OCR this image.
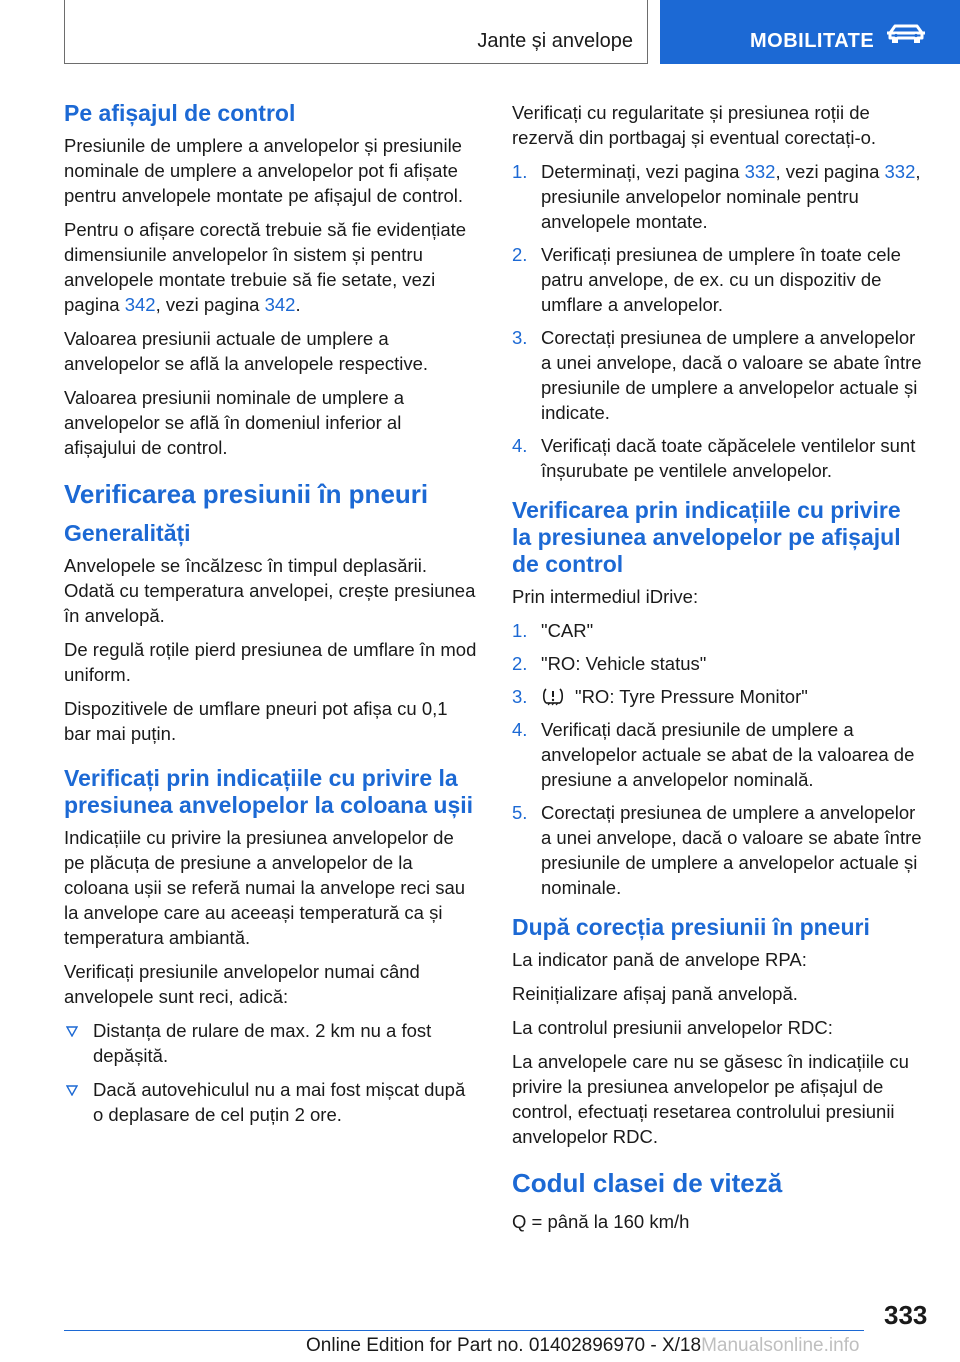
Jante și anvelope	MOBILITATE
Pe afișajul de control

Presiunile de umplere a anvelopelor și presiunile nominale de umplere a anvelopelor pot fi afișate pentru anvelopele montate pe afișajul de control.

Pentru o afișare corectă trebuie să fie evidențiate dimensiunile anvelopelor în sistem și pentru anvelopele montate trebuie să fie setate, vezi pagina 342, vezi pagina 342.

Valoarea presiunii actuale de umplere a anvelopelor se află la anvelopele respective.

Valoarea presiunii nominale de umplere a anvelopelor se află în domeniul inferior al afișajului de control.

Verificarea presiunii în pneuri
Generalități

Anvelopele se încălzesc în timpul deplasării. Odată cu temperatura anvelopei, crește presiunea în anvelopă.

De regulă roțile pierd presiunea de umflare în mod uniform.

Dispozitivele de umflare pneuri pot afișa cu 0,1 bar mai puțin.

Verificați prin indicațiile cu privire la presiunea anvelopelor la coloana ușii

Indicațiile cu privire la presiunea anvelopelor de pe plăcuța de presiune a anvelopelor de la coloana ușii se referă numai la anvelope reci sau la anvelope care au aceeași temperatură ca și temperatura ambiantă.

Verificați presiunile anvelopelor numai când anvelopele sunt reci, adică:

Distanța de rulare de max. 2 km nu a fost depășită.
Dacă autovehiculul nu a mai fost mișcat după o deplasare de cel puțin 2 ore.

Verificați cu regularitate și presiunea roții de rezervă din portbagaj și eventual corectați-o.

1. Determinați, vezi pagina 332, vezi pagina 332, presiunile anvelopelor nominale pentru anvelopele montate.
2. Verificați presiunea de umplere în toate cele patru anvelope, de ex. cu un dispozitiv de umflare a anvelopelor.
3. Corectați presiunea de umplere a anvelopelor a unei anvelope, dacă o valoare se abate între presiunile de umplere a anvelopelor actuale și indicate.
4. Verificați dacă toate căpăcelele ventilelor sunt înșurubate pe ventilele anvelopelor.
Verificarea prin indicațiile cu privire la presiunea anvelopelor pe afișajul de control

Prin intermediul iDrive:

1. "CAR"
2. "RO: Vehicle status"
3.	"RO: Tyre Pressure Monitor"
4. Verificați dacă presiunile de umplere a anvelopelor actuale se abat de la valoarea de presiune a anvelopelor nominală.
5. Corectați presiunea de umplere a anvelopelor a unei anvelope, dacă o valoare se abate între presiunile de umplere a anvelopelor actuale și nominale.
După corecția presiunii în pneuri

La indicator pană de anvelope RPA:

Reinițializare afișaj pană anvelopă.

La controlul presiunii anvelopelor RDC:

La anvelopele care nu se găsesc în indicațiile cu privire la presiunea anvelopelor pe afișajul de control, efectuați resetarea controlului presiunii anvelopelor RDC.

Codul clasei de viteză

Q = până la 160 km/h

333
Online Edition for Part no. 01402896970 - X/18Manualsonline.info
